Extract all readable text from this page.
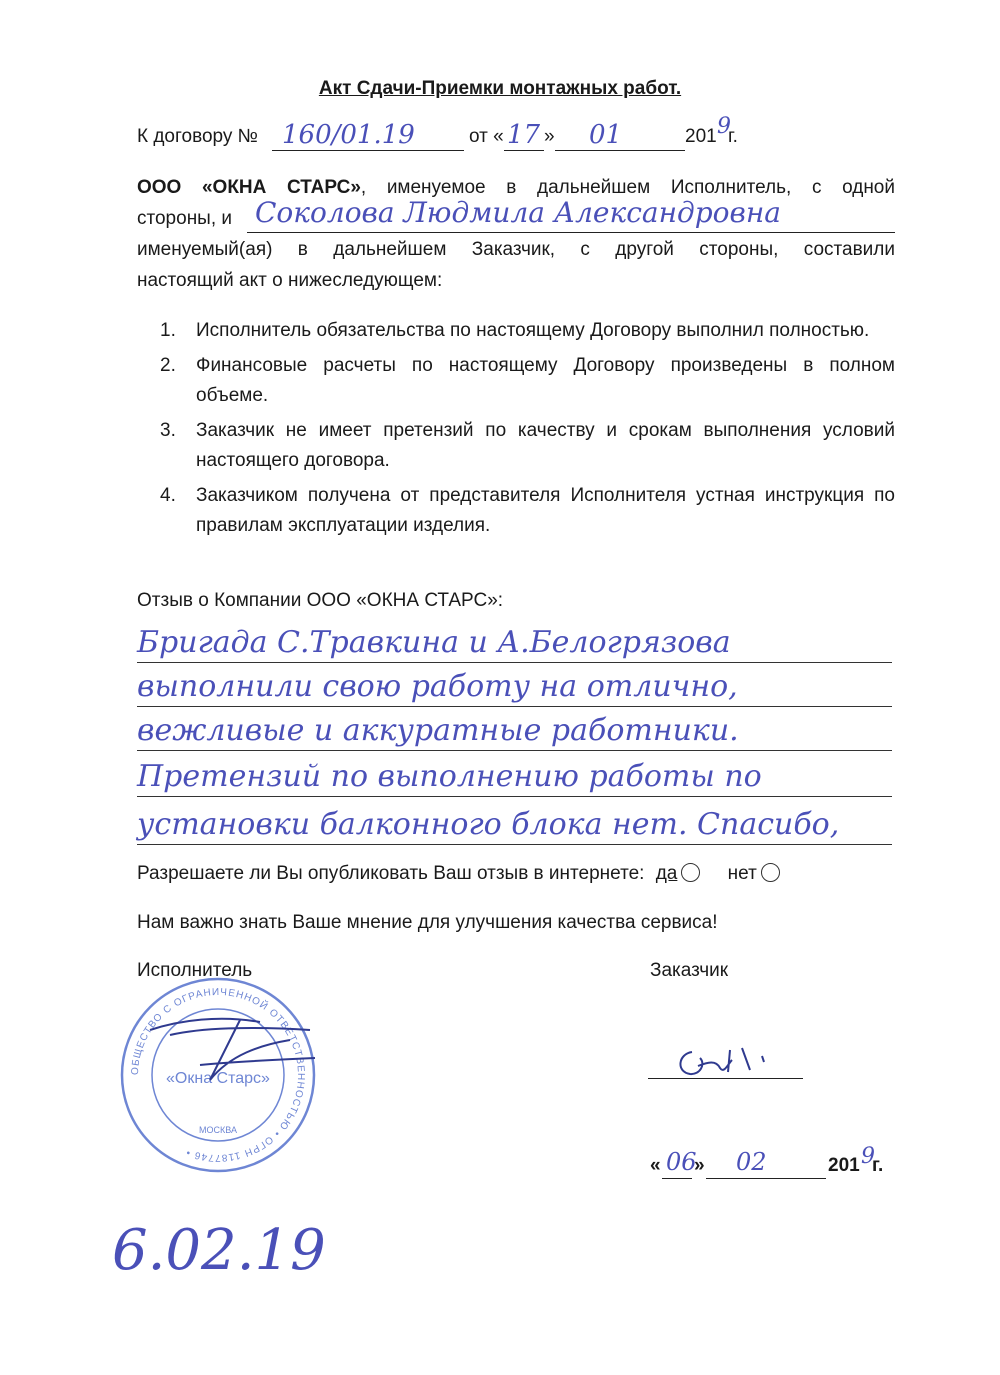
Акт Сдачи-Приемки монтажных работ.
К договору № 160/01.19	от « 17 » 01	201 9
г.
ООО «ОКНА СТАРС», именуемое в дальнейшем Исполнитель, с одной
стороны, и Соколова Людмила Александровна
именуемый(ая) в дальнейшем Заказчик, с другой стороны, составили
настоящий акт о нижеследующем:
1. Исполнитель обязательства по настоящему Договору выполнил полностью.
2. Финансовые расчеты по настоящему Договору произведены в полном объеме.
3. Заказчик не имеет претензий по качеству и срокам выполнения условий настоящего договора.
4. Заказчиком получена от представителя Исполнителя устная инструкция по правилам эксплуатации изделия.
Отзыв о Компании ООО «ОКНА СТАРС»:
Бригада С.Травкина и А.Белогрязова
выполнили свою работу на отлично,
вежливые и аккуратные работники.
Претензий по выполнению работы по
установки балконного блока нет. Спасибо,
Разрешаете ли Вы опубликовать Ваш отзыв в интернете: да	нет
Нам важно знать Ваше мнение для улучшения качества сервиса!
Исполнитель	Заказчик
ОБЩЕСТВО С ОГРАНИЧЕННОЙ ОТВЕТСТВЕННОСТЬЮ • ОГРН 1187746 •
«Окна Старс»
МОСКВА
« 06
» 02	201 9
г.
6.02.19
